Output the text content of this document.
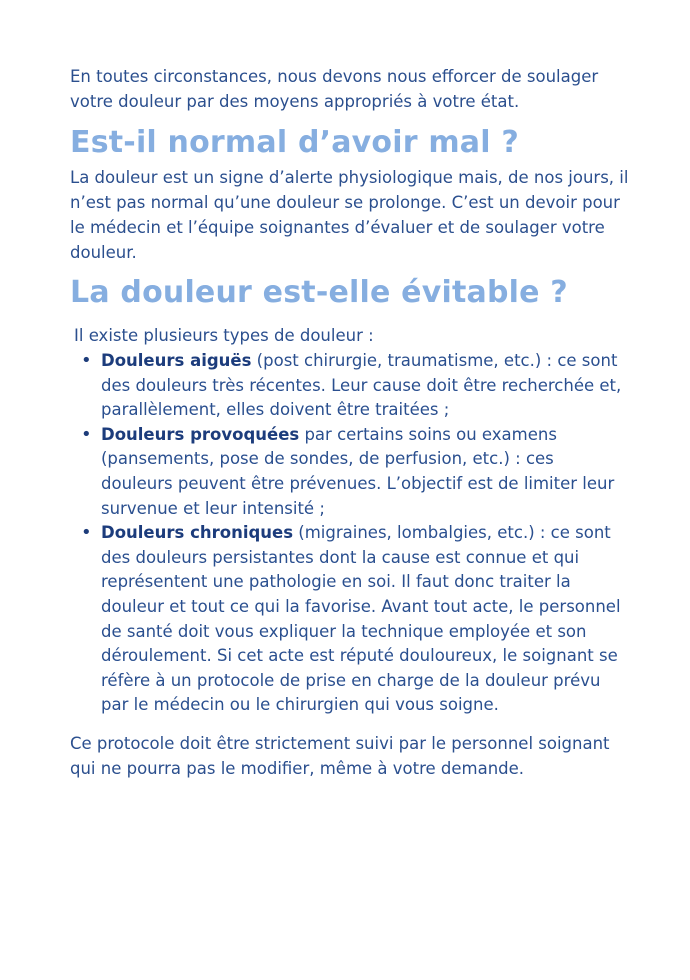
En toutes circonstances, nous devons nous efforcer de soulager votre douleur par des moyens appropriés à votre état.

Est-il normal d’avoir mal ?

La douleur est un signe d’alerte physiologique mais, de nos jours, il n’est pas normal qu’une douleur se prolonge. C’est un devoir pour le médecin et l’équipe soignantes d’évaluer et de soulager votre douleur.

La douleur est-elle évitable ?

Il existe plusieurs types de douleur :

• Douleurs aiguës (post chirurgie, traumatisme, etc.) : ce sont des douleurs très récentes. Leur cause doit être recherchée et, parallèlement, elles doivent être traitées ;
• Douleurs provoquées par certains soins ou examens (pansements, pose de sondes, de perfusion, etc.) : ces douleurs peuvent être prévenues. L’objectif est de limiter leur survenue et leur intensité ;
• Douleurs chroniques (migraines, lombalgies, etc.) : ce sont des douleurs persistantes dont la cause est connue et qui représentent une pathologie en soi. Il faut donc traiter la douleur et tout ce qui la favorise. Avant tout acte, le personnel de santé doit vous expliquer la technique employée et son déroulement. Si cet acte est réputé douloureux, le soignant se réfère à un protocole de prise en charge de la douleur prévu par le médecin ou le chirurgien qui vous soigne.

Ce protocole doit être strictement suivi par le personnel soignant qui ne pourra pas le modifier, même à votre demande.
